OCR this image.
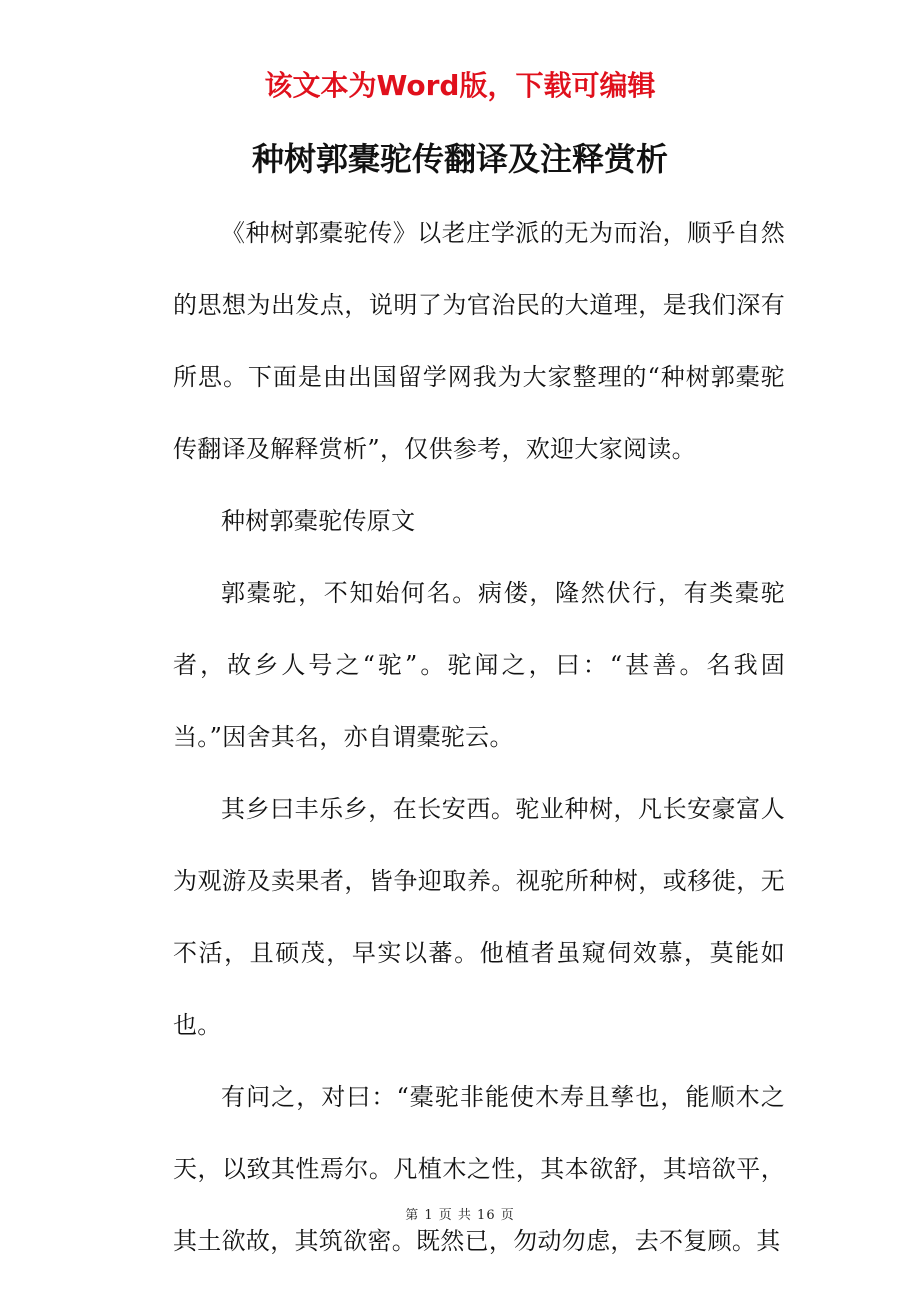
该文本为Word版，下载可编辑
种树郭橐驼传翻译及注释赏析

《种树郭橐驼传》以老庄学派的无为而治，顺乎自然的思想为出发点，说明了为官治民的大道理，是我们深有所思。下面是由出国留学网我为大家整理的“种树郭橐驼传翻译及解释赏析”，仅供参考，欢迎大家阅读。

种树郭橐驼传原文

郭橐驼，不知始何名。病偻，隆然伏行，有类橐驼者，故乡人号之“驼”。驼闻之，曰：“甚善。名我固当。”因舍其名，亦自谓橐驼云。

其乡曰丰乐乡，在长安西。驼业种树，凡长安豪富人为观游及卖果者，皆争迎取养。视驼所种树，或移徙，无不活，且硕茂，早实以蕃。他植者虽窥伺效慕，莫能如也。

有问之，对曰：“橐驼非能使木寿且孳也，能顺木之天，以致其性焉尔。凡植木之性，其本欲舒，其培欲平，其土欲故，其筑欲密。既然已，勿动勿虑，去不复顾。其

第 1 页 共 16 页
